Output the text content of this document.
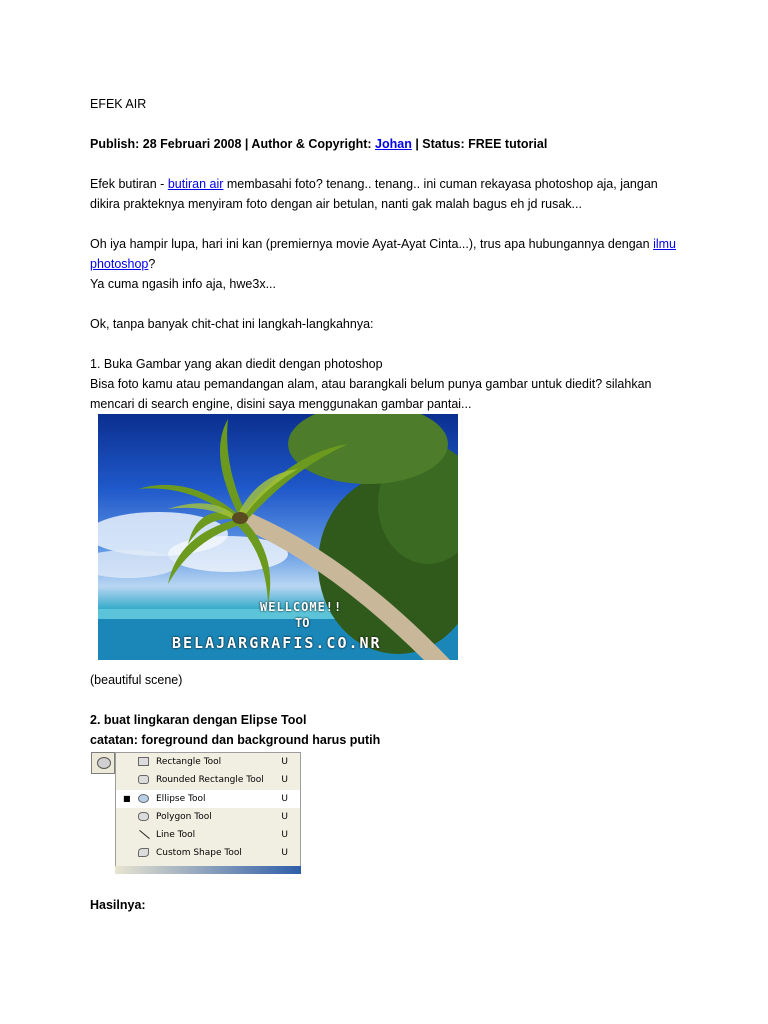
EFEK AIR

Publish: 28 Februari 2008 | Author & Copyright: Johan | Status: FREE tutorial

Efek butiran - butiran air membasahi foto? tenang.. tenang.. ini cuman rekayasa photoshop aja, jangan dikira prakteknya menyiram foto dengan air betulan, nanti gak malah bagus eh jd rusak...

Oh iya hampir lupa, hari ini kan (premiernya movie Ayat-Ayat Cinta...), trus apa hubungannya dengan ilmu photoshop?

Ya cuma ngasih info aja, hwe3x...

Ok, tanpa banyak chit-chat ini langkah-langkahnya:

1. Buka Gambar yang akan diedit dengan photoshop

Bisa foto kamu atau pemandangan alam, atau barangkali belum punya gambar untuk diedit? silahkan mencari di search engine, disini saya menggunakan gambar pantai...

WELLCOME!!
TO
BELAJARGRAFIS.CO.NR

(beautiful scene)

2. buat lingkaran dengan Elipse Tool

catatan: foreground dan background harus putih

Rectangle Tool	U
Rounded Rectangle Tool U
■	Ellipse Tool	U
Polygon Tool	U
Line Tool	U
Custom Shape Tool	U

Hasilnya:
